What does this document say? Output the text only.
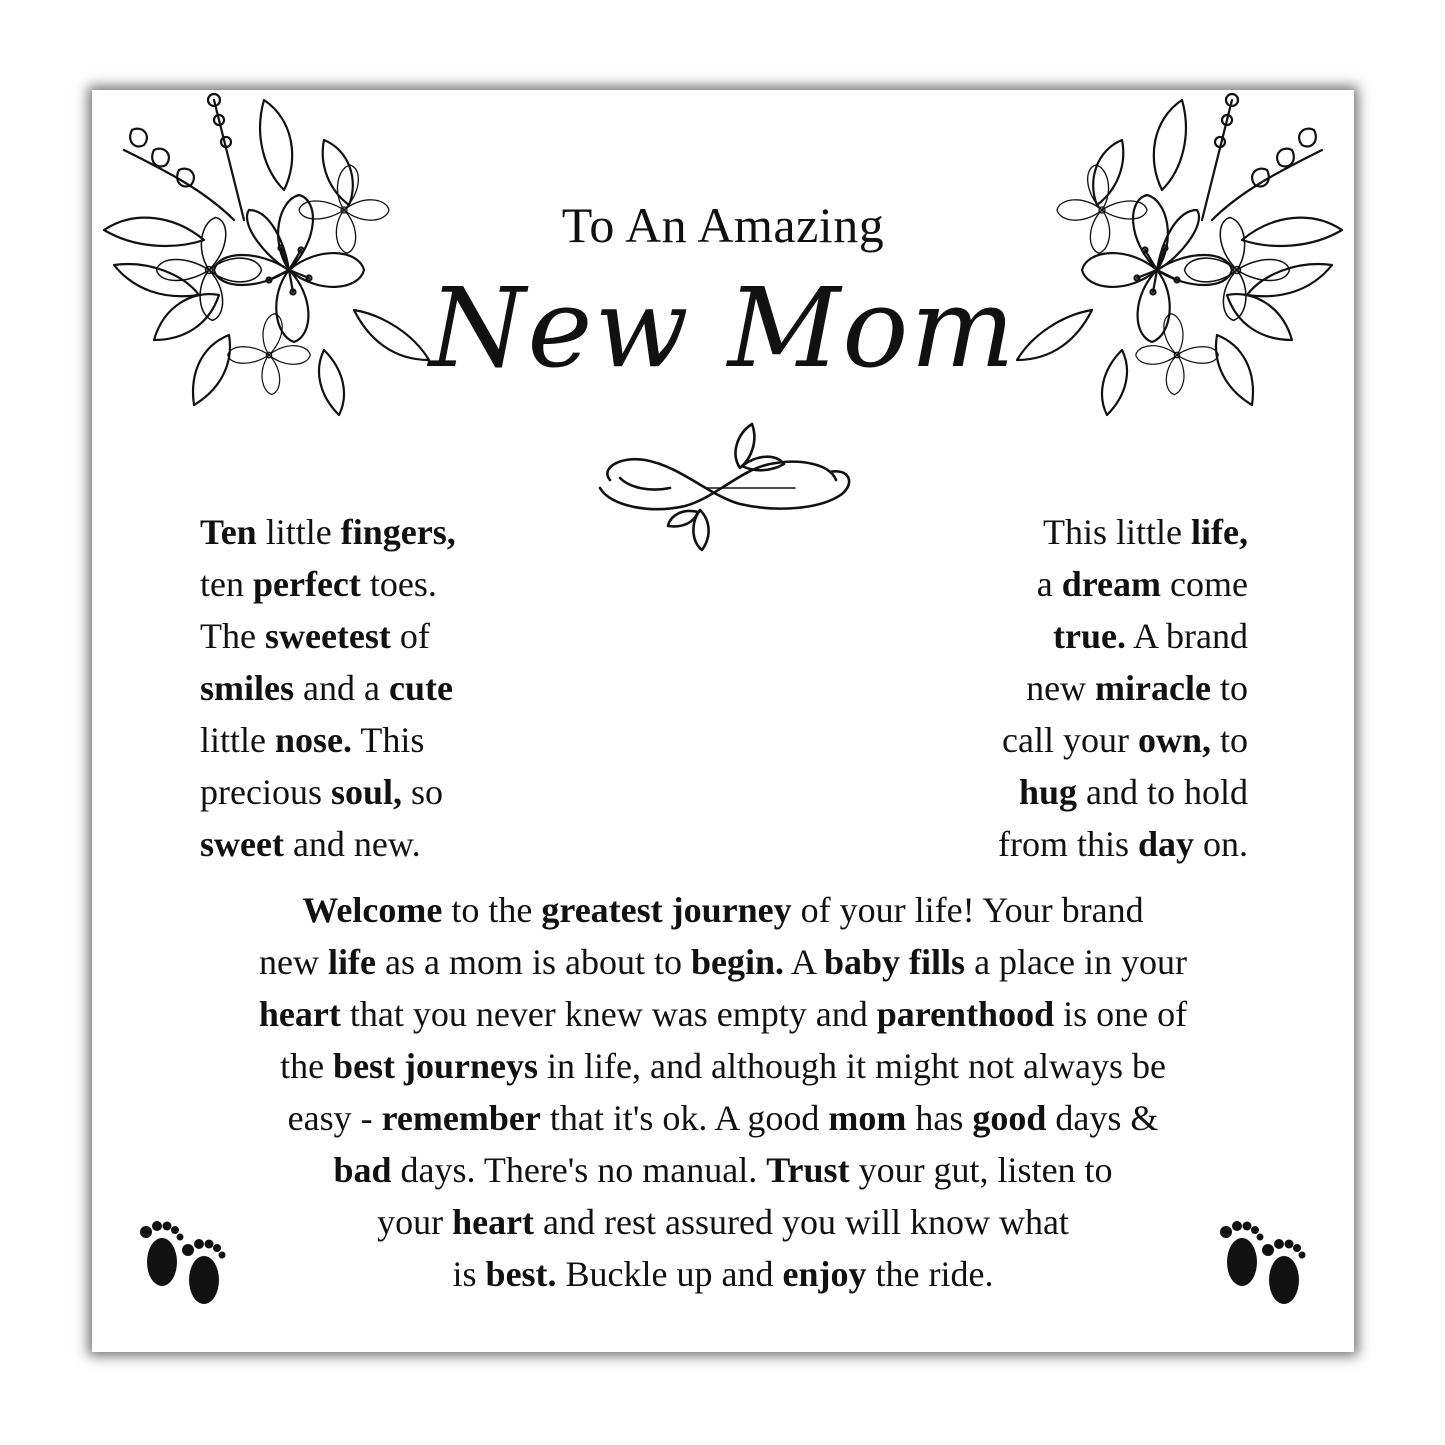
To An Amazing
New Mom
Ten little fingers,
ten perfect toes.
The sweetest of
smiles and a cute
little nose. This
precious soul, so
sweet and new.
This little life,
a dream come
true. A brand
new miracle to
call your own, to
hug and to hold
from this day on.
Welcome to the greatest journey of your life! Your brand
new life as a mom is about to begin. A baby fills a place in your
heart that you never knew was empty and parenthood is one of
the best journeys in life, and although it might not always be
easy - remember that it's ok. A good mom has good days &
bad days. There's no manual. Trust your gut, listen to
your heart and rest assured you will know what
is best. Buckle up and enjoy the ride.
